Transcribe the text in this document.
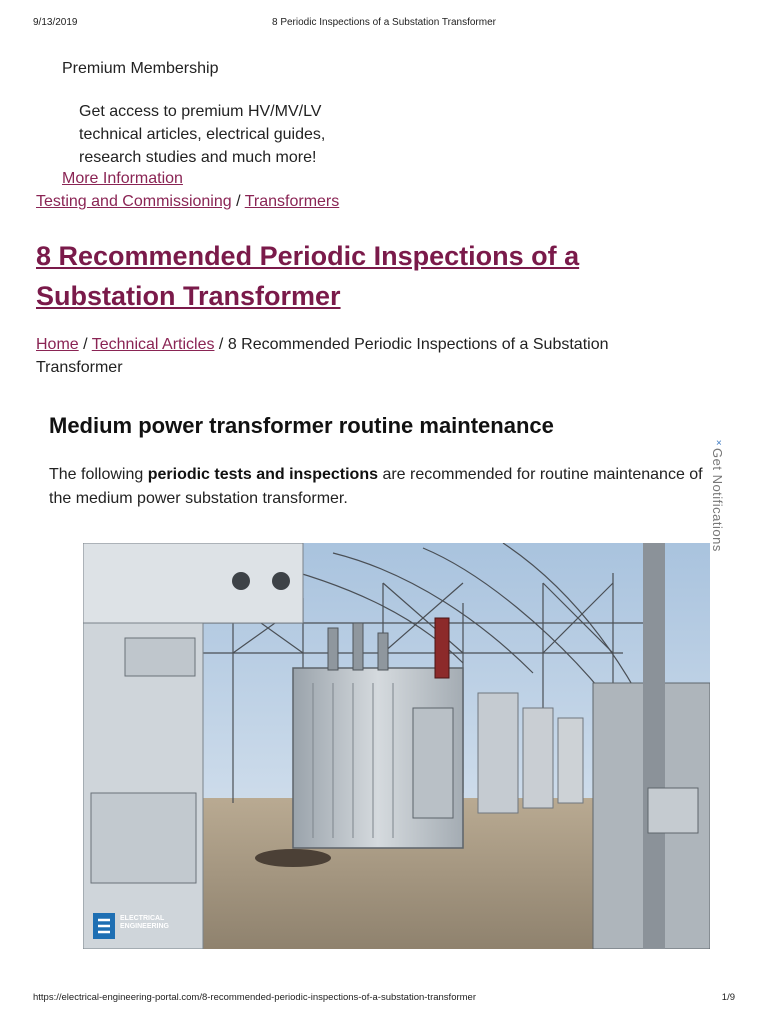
9/13/2019	8 Periodic Inspections of a Substation Transformer
Premium Membership
Get access to premium HV/MV/LV technical articles, electrical guides, research studies and much more!
More Information
Testing and Commissioning / Transformers
8 Recommended Periodic Inspections of a Substation Transformer
Home / Technical Articles / 8 Recommended Periodic Inspections of a Substation Transformer
Medium power transformer routine maintenance
The following periodic tests and inspections are recommended for routine maintenance of the medium power substation transformer.
×
Get Notifications
ELECTRICAL
ENGINEERING
https://electrical-engineering-portal.com/8-recommended-periodic-inspections-of-a-substation-transformer	1/9
